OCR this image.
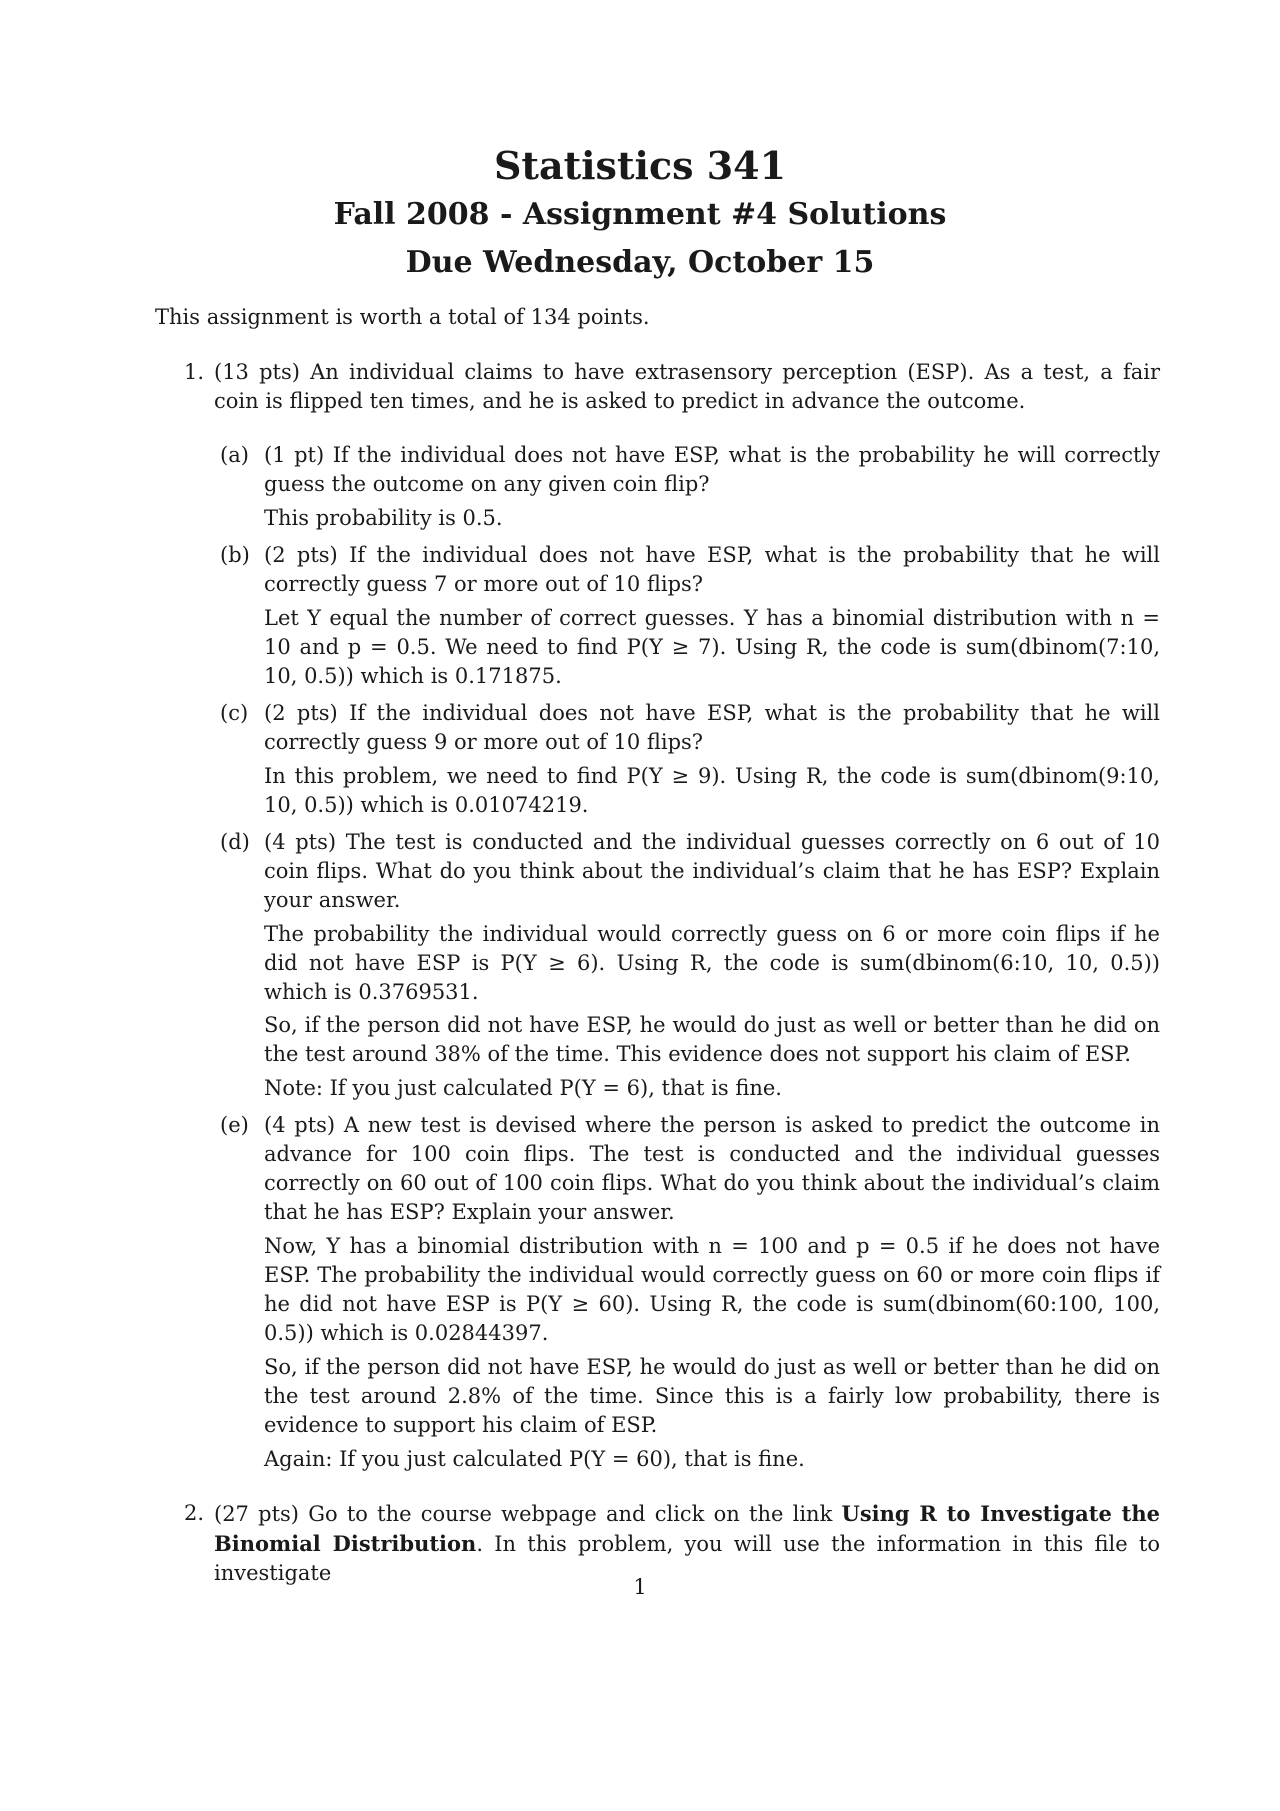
Statistics 341
Fall 2008 - Assignment #4 Solutions
Due Wednesday, October 15
This assignment is worth a total of 134 points.
1. (13 pts) An individual claims to have extrasensory perception (ESP). As a test, a fair coin is flipped ten times, and he is asked to predict in advance the outcome.
(a) (1 pt) If the individual does not have ESP, what is the probability he will correctly guess the outcome on any given coin flip?
This probability is 0.5.
(b) (2 pts) If the individual does not have ESP, what is the probability that he will correctly guess 7 or more out of 10 flips?
Let Y equal the number of correct guesses. Y has a binomial distribution with n = 10 and p = 0.5. We need to find P(Y ≥ 7). Using R, the code is sum(dbinom(7:10, 10, 0.5)) which is 0.171875.
(c) (2 pts) If the individual does not have ESP, what is the probability that he will correctly guess 9 or more out of 10 flips?
In this problem, we need to find P(Y ≥ 9). Using R, the code is sum(dbinom(9:10, 10, 0.5)) which is 0.01074219.
(d) (4 pts) The test is conducted and the individual guesses correctly on 6 out of 10 coin flips. What do you think about the individual’s claim that he has ESP? Explain your answer.
The probability the individual would correctly guess on 6 or more coin flips if he did not have ESP is P(Y ≥ 6). Using R, the code is sum(dbinom(6:10, 10, 0.5)) which is 0.3769531.
So, if the person did not have ESP, he would do just as well or better than he did on the test around 38% of the time. This evidence does not support his claim of ESP.
Note: If you just calculated P(Y = 6), that is fine.
(e) (4 pts) A new test is devised where the person is asked to predict the outcome in advance for 100 coin flips. The test is conducted and the individual guesses correctly on 60 out of 100 coin flips. What do you think about the individual’s claim that he has ESP? Explain your answer.
Now, Y has a binomial distribution with n = 100 and p = 0.5 if he does not have ESP. The probability the individual would correctly guess on 60 or more coin flips if he did not have ESP is P(Y ≥ 60). Using R, the code is sum(dbinom(60:100, 100, 0.5)) which is 0.02844397.
So, if the person did not have ESP, he would do just as well or better than he did on the test around 2.8% of the time. Since this is a fairly low probability, there is evidence to support his claim of ESP.
Again: If you just calculated P(Y = 60), that is fine.
2. (27 pts) Go to the course webpage and click on the link Using R to Investigate the Binomial Distribution. In this problem, you will use the information in this file to investigate
1
